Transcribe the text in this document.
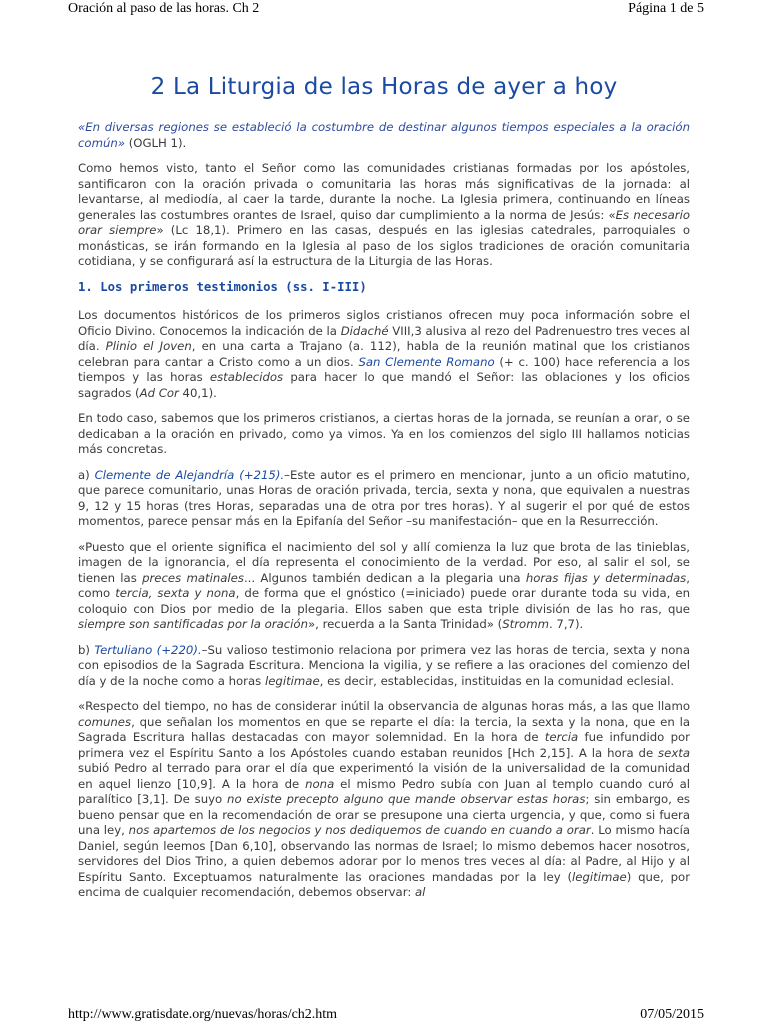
Oración al paso de las horas. Ch 2	Página 1 de 5
2 La Liturgia de las Horas de ayer a hoy

«En diversas regiones se estableció la costumbre de destinar algunos tiempos especiales a la oración común» (OGLH 1).

Como hemos visto, tanto el Señor como las comunidades cristianas formadas por los apóstoles, santificaron con la oración privada o comunitaria las horas más significativas de la jornada: al levantarse, al mediodía, al caer la tarde, durante la noche. La Iglesia primera, continuando en líneas generales las costumbres orantes de Israel, quiso dar cumplimiento a la norma de Jesús: «Es necesario orar siempre» (Lc 18,1). Primero en las casas, después en las iglesias catedrales, parroquiales o monásticas, se irán formando en la Iglesia al paso de los siglos tradiciones de oración comunitaria cotidiana, y se configurará así la estructura de la Liturgia de las Horas.

1. Los primeros testimonios (ss. I-III)

Los documentos históricos de los primeros siglos cristianos ofrecen muy poca información sobre el Oficio Divino. Conocemos la indicación de la Didaché VIII,3 alusiva al rezo del Padrenuestro tres veces al día. Plinio el Joven, en una carta a Trajano (a. 112), habla de la reunión matinal que los cristianos celebran para cantar a Cristo como a un dios. San Clemente Romano (+ c. 100) hace referencia a los tiempos y las horas establecidos para hacer lo que mandó el Señor: las oblaciones y los oficios sagrados (Ad Cor 40,1).

En todo caso, sabemos que los primeros cristianos, a ciertas horas de la jornada, se reunían a orar, o se dedicaban a la oración en privado, como ya vimos. Ya en los comienzos del siglo III hallamos noticias más concretas.

a) Clemente de Alejandría (+215).–Este autor es el primero en mencionar, junto a un oficio matutino, que parece comunitario, unas Horas de oración privada, tercia, sexta y nona, que equivalen a nuestras 9, 12 y 15 horas (tres Horas, separadas una de otra por tres horas). Y al sugerir el por qué de estos momentos, parece pensar más en la Epifanía del Señor –su manifestación– que en la Resurrección.

«Puesto que el oriente significa el nacimiento del sol y allí comienza la luz que brota de las tinieblas, imagen de la ignorancia, el día representa el conocimiento de la verdad. Por eso, al salir el sol, se tienen las preces matinales... Algunos también dedican a la plegaria una horas fijas y determinadas, como tercia, sexta y nona, de forma que el gnóstico (=iniciado) puede orar durante toda su vida, en coloquio con Dios por medio de la plegaria. Ellos saben que esta triple división de las ho ras, que siempre son santificadas por la oración», recuerda a la Santa Trinidad» (Stromm. 7,7).

b) Tertuliano (+220).–Su valioso testimonio relaciona por primera vez las horas de tercia, sexta y nona con episodios de la Sagrada Escritura. Menciona la vigilia, y se refiere a las oraciones del comienzo del día y de la noche como a horas legitimae, es decir, establecidas, instituidas en la comunidad eclesial.

«Respecto del tiempo, no has de considerar inútil la observancia de algunas horas más, a las que llamo comunes, que señalan los momentos en que se reparte el día: la tercia, la sexta y la nona, que en la Sagrada Escritura hallas destacadas con mayor solemnidad. En la hora de tercia fue infundido por primera vez el Espíritu Santo a los Apóstoles cuando estaban reunidos [Hch 2,15]. A la hora de sexta subió Pedro al terrado para orar el día que experimentó la visión de la universalidad de la comunidad en aquel lienzo [10,9]. A la hora de nona el mismo Pedro subía con Juan al templo cuando curó al paralítico [3,1]. De suyo no existe precepto alguno que mande observar estas horas; sin embargo, es bueno pensar que en la recomendación de orar se presupone una cierta urgencia, y que, como si fuera una ley, nos apartemos de los negocios y nos dediquemos de cuando en cuando a orar. Lo mismo hacía Daniel, según leemos [Dan 6,10], observando las normas de Israel; lo mismo debemos hacer nosotros, servidores del Dios Trino, a quien debemos adorar por lo menos tres veces al día: al Padre, al Hijo y al Espíritu Santo. Exceptuamos naturalmente las oraciones mandadas por la ley (legitimae) que, por encima de cualquier recomendación, debemos observar: al

http://www.gratisdate.org/nuevas/horas/ch2.htm	07/05/2015
